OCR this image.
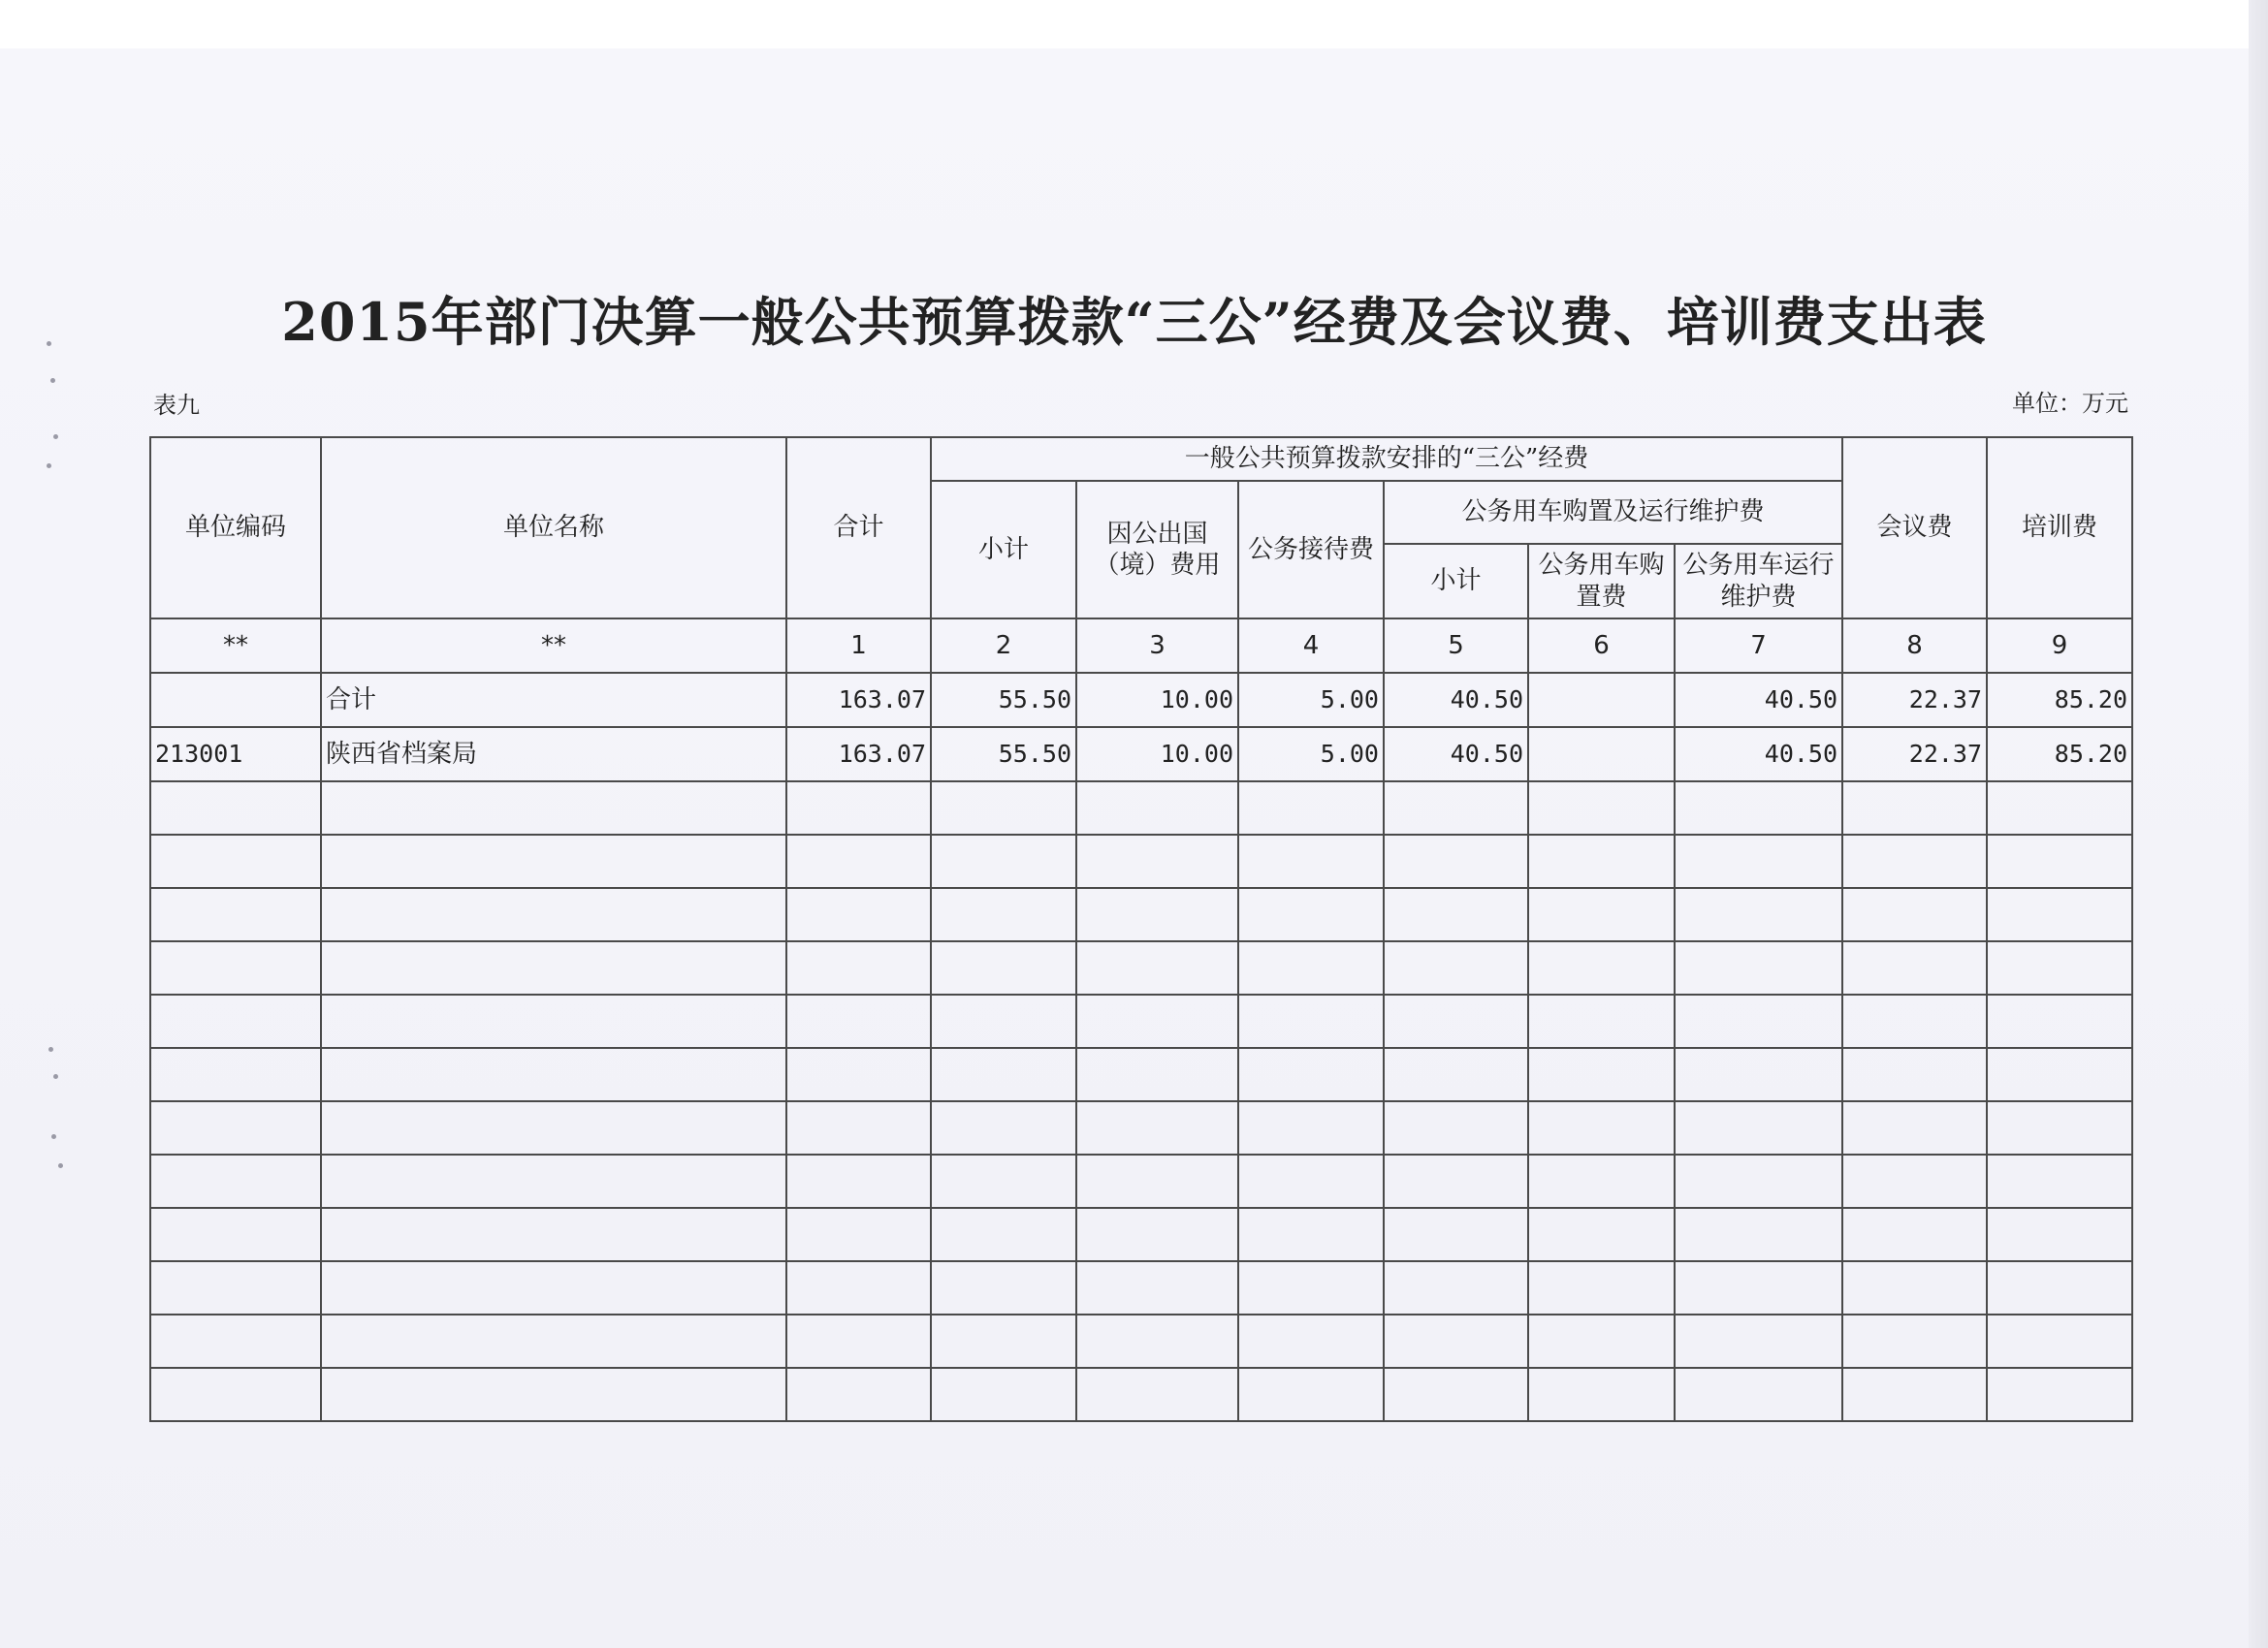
2015年部门决算一般公共预算拨款“三公”经费及会议费、培训费支出表
表九	单位：万元
单位编码	单位名称	合计	一般公共预算拨款安排的“三公”经费						会议费	培训费
			小计	因公出国（境）费用	公务接待费	公务用车购置及运行维护费				
						小计	公务用车购置费	公务用车运行维护费		
**	**	1	2	3	4	5	6	7	8	9
	合计	163.07	55.50	10.00	5.00	40.50		40.50	22.37	85.20
213001	陕西省档案局	163.07	55.50	10.00	5.00	40.50		40.50	22.37	85.20
